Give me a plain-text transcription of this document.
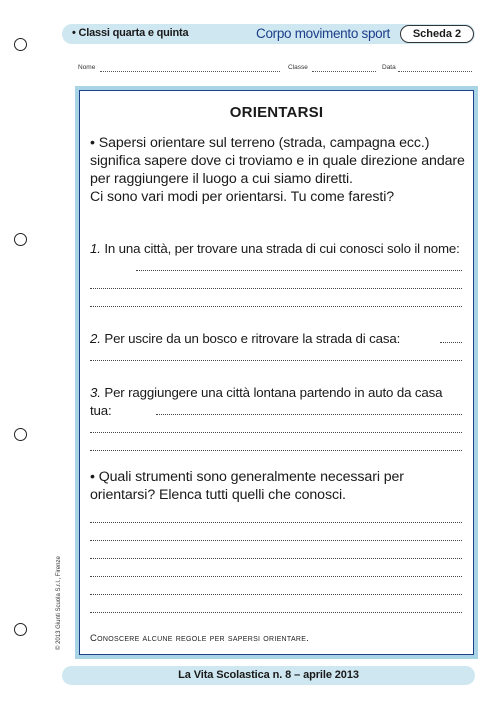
• Classi quarta e quinta	Corpo movimento sport	Scheda 2
Nome	Classe	Data
ORIENTARSI

• Sapersi orientare sul terreno (strada, campagna ecc.) significa sapere dove ci troviamo e in quale direzione andare per raggiungere il luogo a cui siamo diretti.

Ci sono vari modi per orientarsi. Tu come faresti?

1. In una città, per trovare una strada di cui conosci solo il nome:
2. Per uscire da un bosco e ritrovare la strada di casa:
3. Per raggiungere una città lontana partendo in auto da casa tua:

• Quali strumenti sono generalmente necessari per orientarsi? Elenca tutti quelli che conosci.

Conoscere alcune regole per sapersi orientare.
© 2013 Giunti Scuola S.r.l., Firenze
La Vita Scolastica n. 8 – aprile 2013
